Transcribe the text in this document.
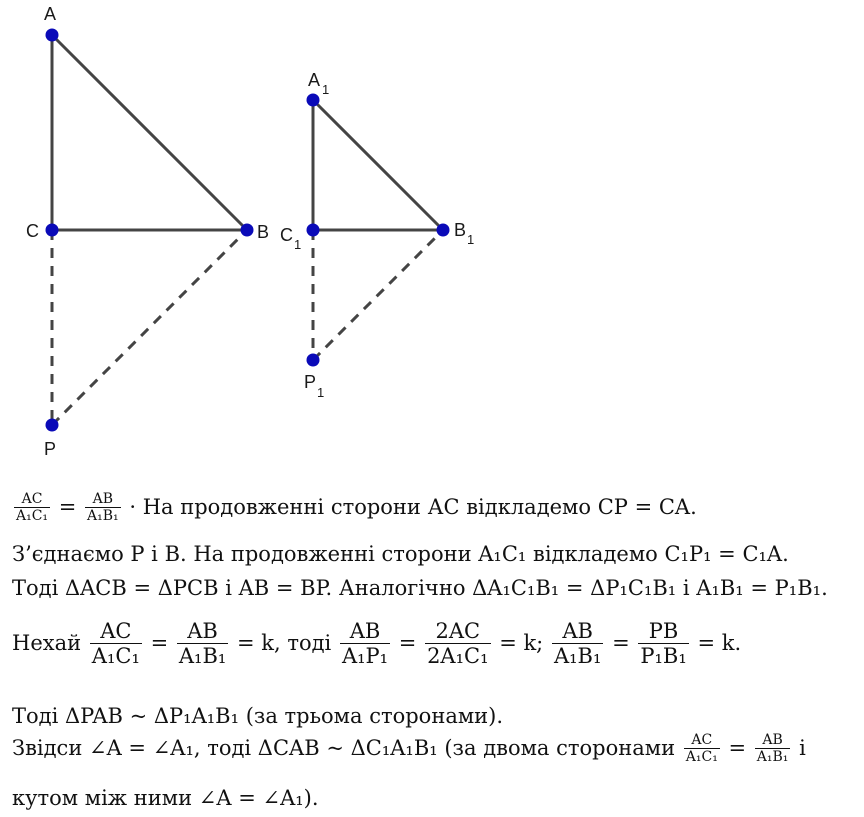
A
C	B
P
A 1
C 1
B 1
P
1
$\frac{AC}{\text{A₁C₁}} = \frac{AB}{\text{A₁B₁}}$ · На продовженні сторони АС відкладемо CP = CA.
З’єднаємо P і B. На продовженні сторони A₁C₁ відкладемо C₁P₁ = C₁A.
Тоді ΔACB = ΔPCB і AB = BP. Аналогічно ΔA₁C₁B₁ = ΔP₁C₁B₁ і A₁B₁ = P₁B₁.
Нехай $\frac{AC}{\text{A₁C₁}} = \frac{AB}{\text{A₁B₁}} = k$, тоді $\frac{AB}{\text{A₁P₁}} = \frac{2AC}{\text{2A₁C₁}} = k$; $\frac{AB}{\text{A₁B₁}} = \frac{PB}{\text{P₁B₁}} = k$.
Тоді ΔPAB ~ ΔP₁A₁B₁ (за трьома сторонами).
Звідси ∠A = ∠A₁, тоді ΔCAB ~ ΔC₁A₁B₁ (за двома сторонами $\frac{AC}{\text{A₁C₁}} = \frac{AB}{\text{A₁B₁}}$ і
кутом між ними ∠A = ∠A₁).
